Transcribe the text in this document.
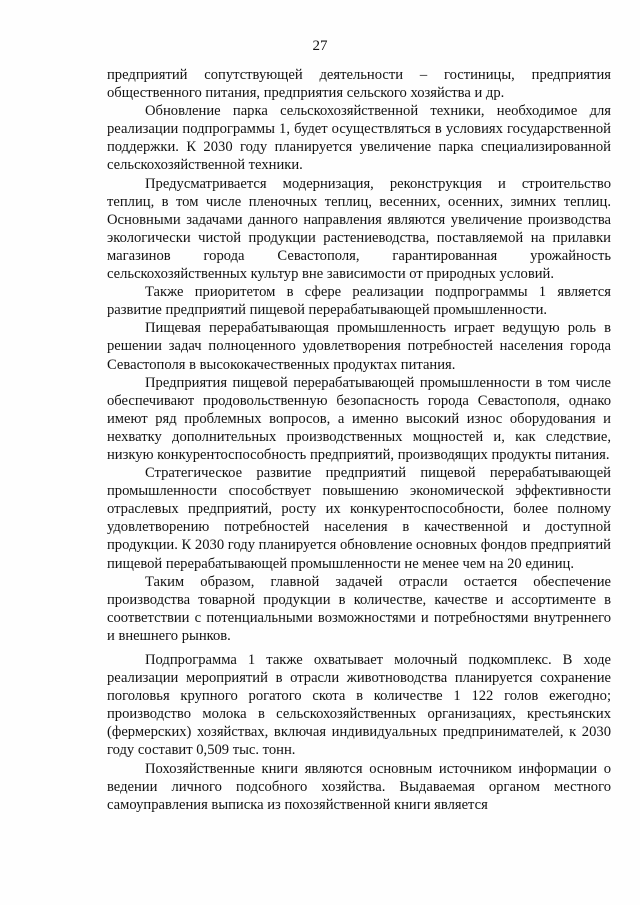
27

предприятий сопутствующей деятельности – гостиницы, предприятия общественного питания, предприятия сельского хозяйства и др.

Обновление парка сельскохозяйственной техники, необходимое для реализации подпрограммы 1, будет осуществляться в условиях государственной поддержки. К 2030 году планируется увеличение парка специализированной сельскохозяйственной техники.

Предусматривается модернизация, реконструкция и строительство теплиц, в том числе пленочных теплиц, весенних, осенних, зимних теплиц. Основными задачами данного направления являются увеличение производства экологически чистой продукции растениеводства, поставляемой на прилавки магазинов города Севастополя, гарантированная урожайность сельскохозяйственных культур вне зависимости от природных условий.

Также приоритетом в сфере реализации подпрограммы 1 является развитие предприятий пищевой перерабатывающей промышленности.

Пищевая перерабатывающая промышленность играет ведущую роль в решении задач полноценного удовлетворения потребностей населения города Севастополя в высококачественных продуктах питания.

Предприятия пищевой перерабатывающей промышленности в том числе обеспечивают продовольственную безопасность города Севастополя, однако имеют ряд проблемных вопросов, а именно высокий износ оборудования и нехватку дополнительных производственных мощностей и, как следствие, низкую конкурентоспособность предприятий, производящих продукты питания.

Стратегическое развитие предприятий пищевой перерабатывающей промышленности способствует повышению экономической эффективности отраслевых предприятий, росту их конкурентоспособности, более полному удовлетворению потребностей населения в качественной и доступной продукции. К 2030 году планируется обновление основных фондов предприятий пищевой перерабатывающей промышленности не менее чем на 20 единиц.

Таким образом, главной задачей отрасли остается обеспечение производства товарной продукции в количестве, качестве и ассортименте в соответствии с потенциальными возможностями и потребностями внутреннего и внешнего рынков.

Подпрограмма 1 также охватывает молочный подкомплекс. В ходе реализации мероприятий в отрасли животноводства планируется сохранение поголовья крупного рогатого скота в количестве 1 122 голов ежегодно; производство молока в сельскохозяйственных организациях, крестьянских (фермерских) хозяйствах, включая индивидуальных предпринимателей, к 2030 году составит 0,509 тыс. тонн.

Похозяйственные книги являются основным источником информации о ведении личного подсобного хозяйства. Выдаваемая органом местного самоуправления выписка из похозяйственной книги является
